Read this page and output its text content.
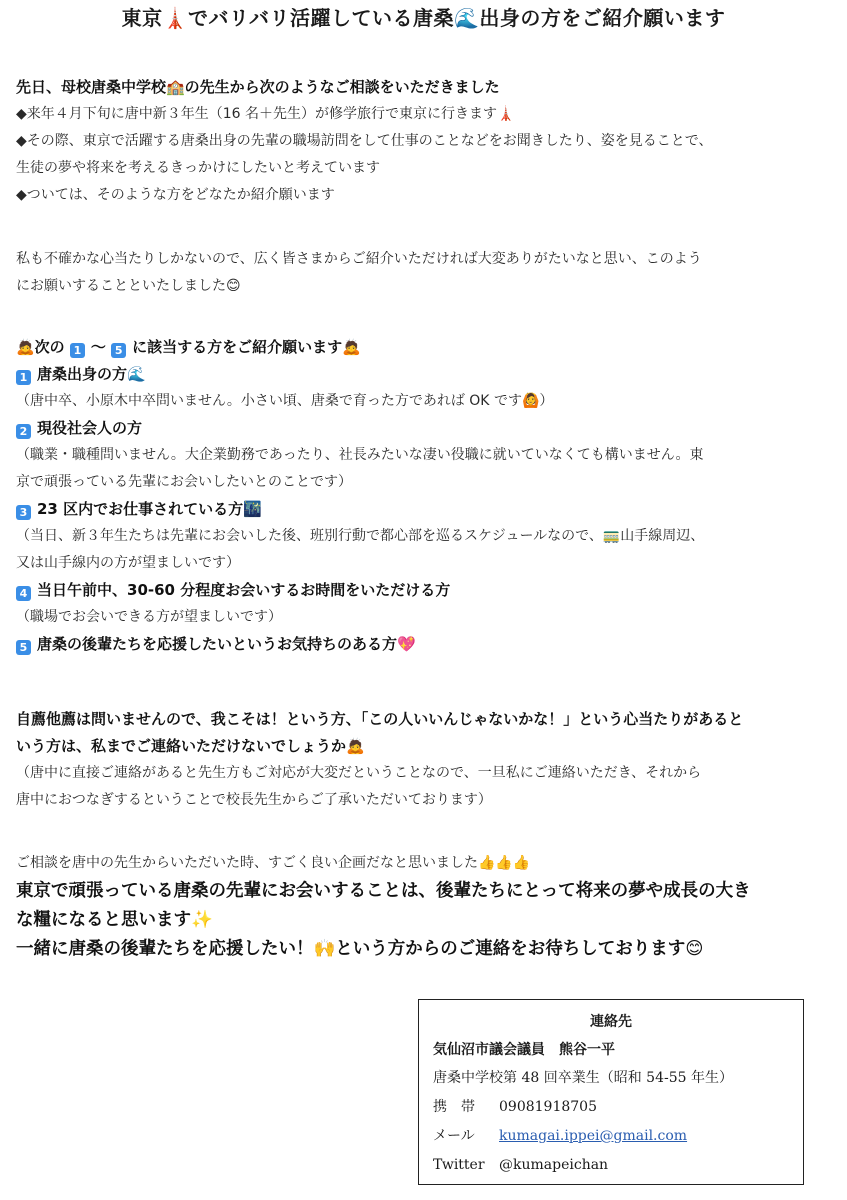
東京🗼でバリバリ活躍している唐桑🌊出身の方をご紹介願います

先日、母校唐桑中学校🏫の先生から次のようなご相談をいただきました

◆来年４月下旬に唐中新３年生（16 名＋先生）が修学旅行で東京に行きます🗼

◆その際、東京で活躍する唐桑出身の先輩の職場訪問をして仕事のことなどをお聞きしたり、姿を見ることで、

生徒の夢や将来を考えるきっかけにしたいと考えています

◆ついては、そのような方をどなたか紹介願います

私も不確かな心当たりしかないので、広く皆さまからご紹介いただければ大変ありがたいなと思い、このよう

にお願いすることといたしました😊

🙇次の 1 ～ 5 に該当する方をご紹介願います🙇

1 唐桑出身の方🌊

（唐中卒、小原木中卒問いません。小さい頃、唐桑で育った方であれば OK です🙆）

2 現役社会人の方

（職業・職種問いません。大企業勤務であったり、社長みたいな凄い役職に就いていなくても構いません。東

京で頑張っている先輩にお会いしたいとのことです）

3 23 区内でお仕事されている方🌃

（当日、新３年生たちは先輩にお会いした後、班別行動で都心部を巡るスケジュールなので、🚃山手線周辺、

又は山手線内の方が望ましいです）

4 当日午前中、30-60 分程度お会いするお時間をいただける方

（職場でお会いできる方が望ましいです）

5 唐桑の後輩たちを応援したいというお気持ちのある方💖

自薦他薦は問いませんので、我こそは！という方、「この人いいんじゃないかな！」という心当たりがあると

いう方は、私までご連絡いただけないでしょうか🙇

（唐中に直接ご連絡があると先生方もご対応が大変だということなので、一旦私にご連絡いただき、それから

唐中におつなぎするということで校長先生からご了承いただいております）

ご相談を唐中の先生からいただいた時、すごく良い企画だなと思いました👍👍👍

東京で頑張っている唐桑の先輩にお会いすることは、後輩たちにとって将来の夢や成長の大き

な糧になると思います✨

一緒に唐桑の後輩たちを応援したい！🙌という方からのご連絡をお待ちしております😊

連絡先

気仙沼市議会議員　熊谷一平

唐桑中学校第 48 回卒業生（昭和 54-55 年生）

携　帯 09081918705

メール kumagai.ippei@gmail.com

Twitter @kumapeichan
